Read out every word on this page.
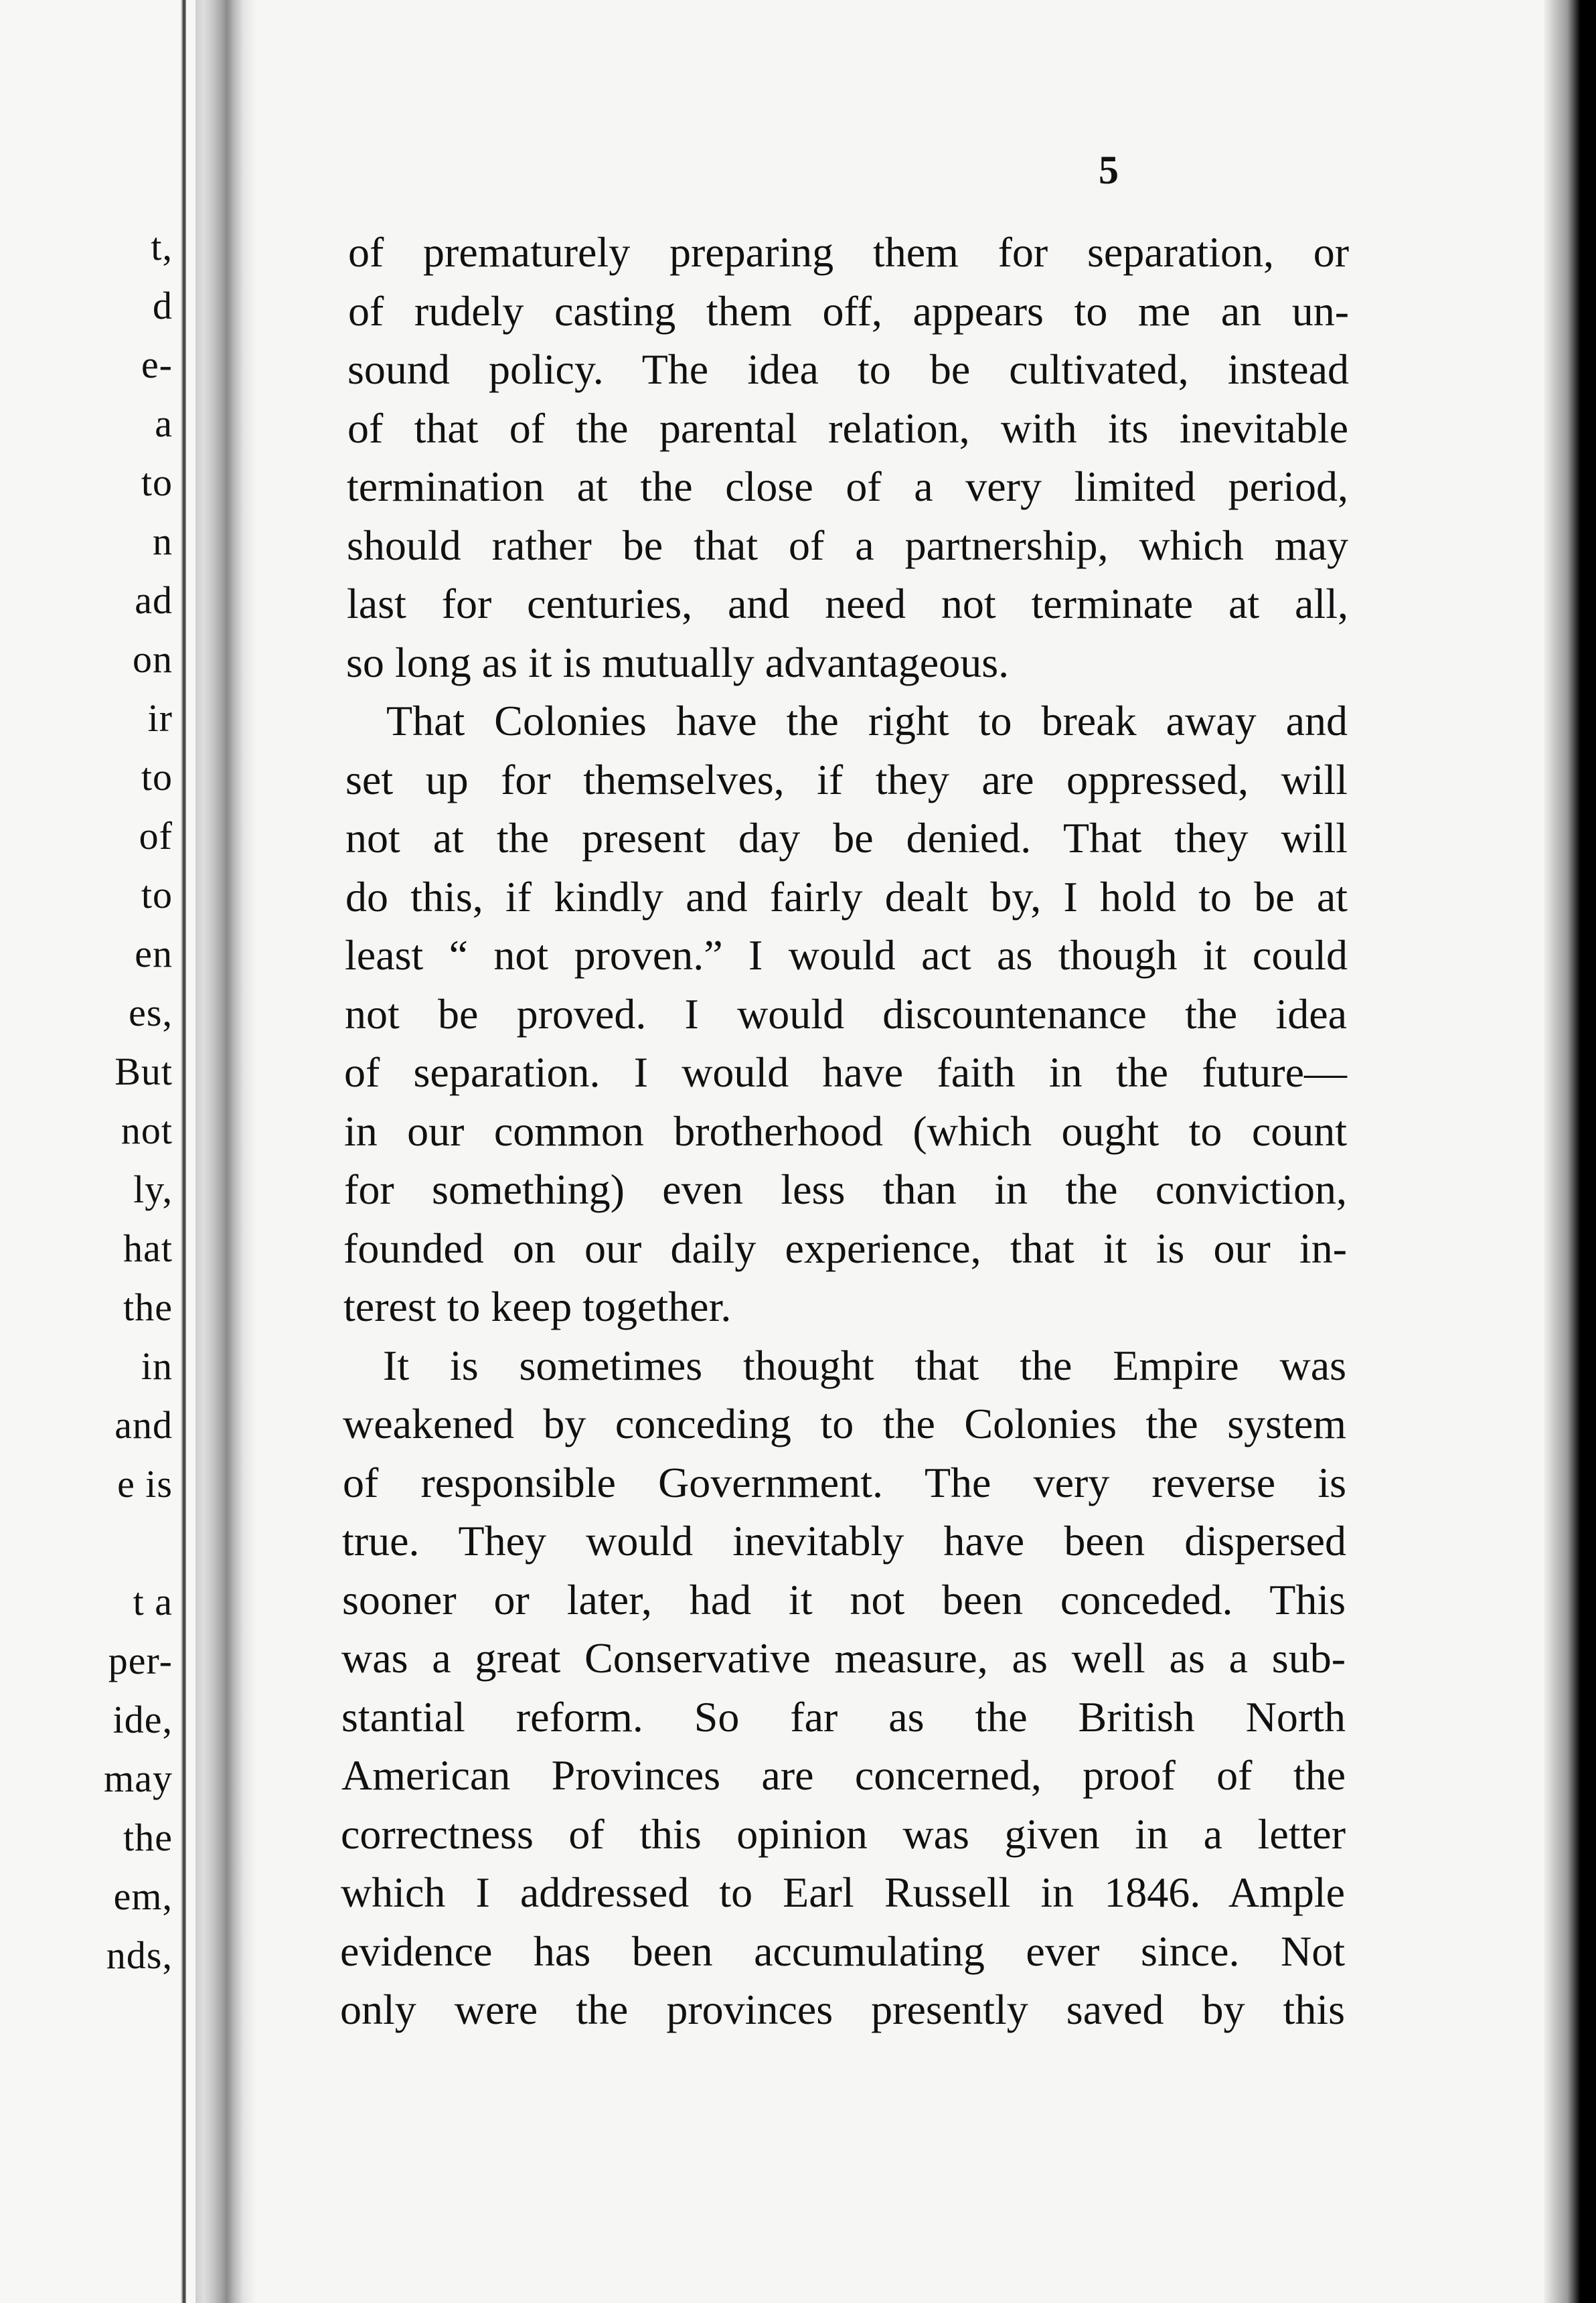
t,
d
e-
a
to
n
ad
on
ir
to
of
to
en
es,
But
not
ly,
hat
the
in
and
e is
t a
per-
ide,
may
the
em,
nds,
5
of prematurely preparing them for separation, or
of rudely casting them off, appears to me an un-
sound policy. The idea to be cultivated, instead
of that of the parental relation, with its inevitable
termination at the close of a very limited period,
should rather be that of a partnership, which may
last for centuries, and need not terminate at all,
so long as it is mutually advantageous.
That Colonies have the right to break away and
set up for themselves, if they are oppressed, will
not at the present day be denied. That they will
do this, if kindly and fairly dealt by, I hold to be at
least “ not proven.” I would act as though it could
not be proved. I would discountenance the idea
of separation. I would have faith in the future—
in our common brotherhood (which ought to count
for something) even less than in the conviction,
founded on our daily experience, that it is our in-
terest to keep together.
It is sometimes thought that the Empire was
weakened by conceding to the Colonies the system
of responsible Government. The very reverse is
true. They would inevitably have been dispersed
sooner or later, had it not been conceded. This
was a great Conservative measure, as well as a sub-
stantial reform. So far as the British North
American Provinces are concerned, proof of the
correctness of this opinion was given in a letter
which I addressed to Earl Russell in 1846. Ample
evidence has been accumulating ever since. Not
only were the provinces presently saved by this
